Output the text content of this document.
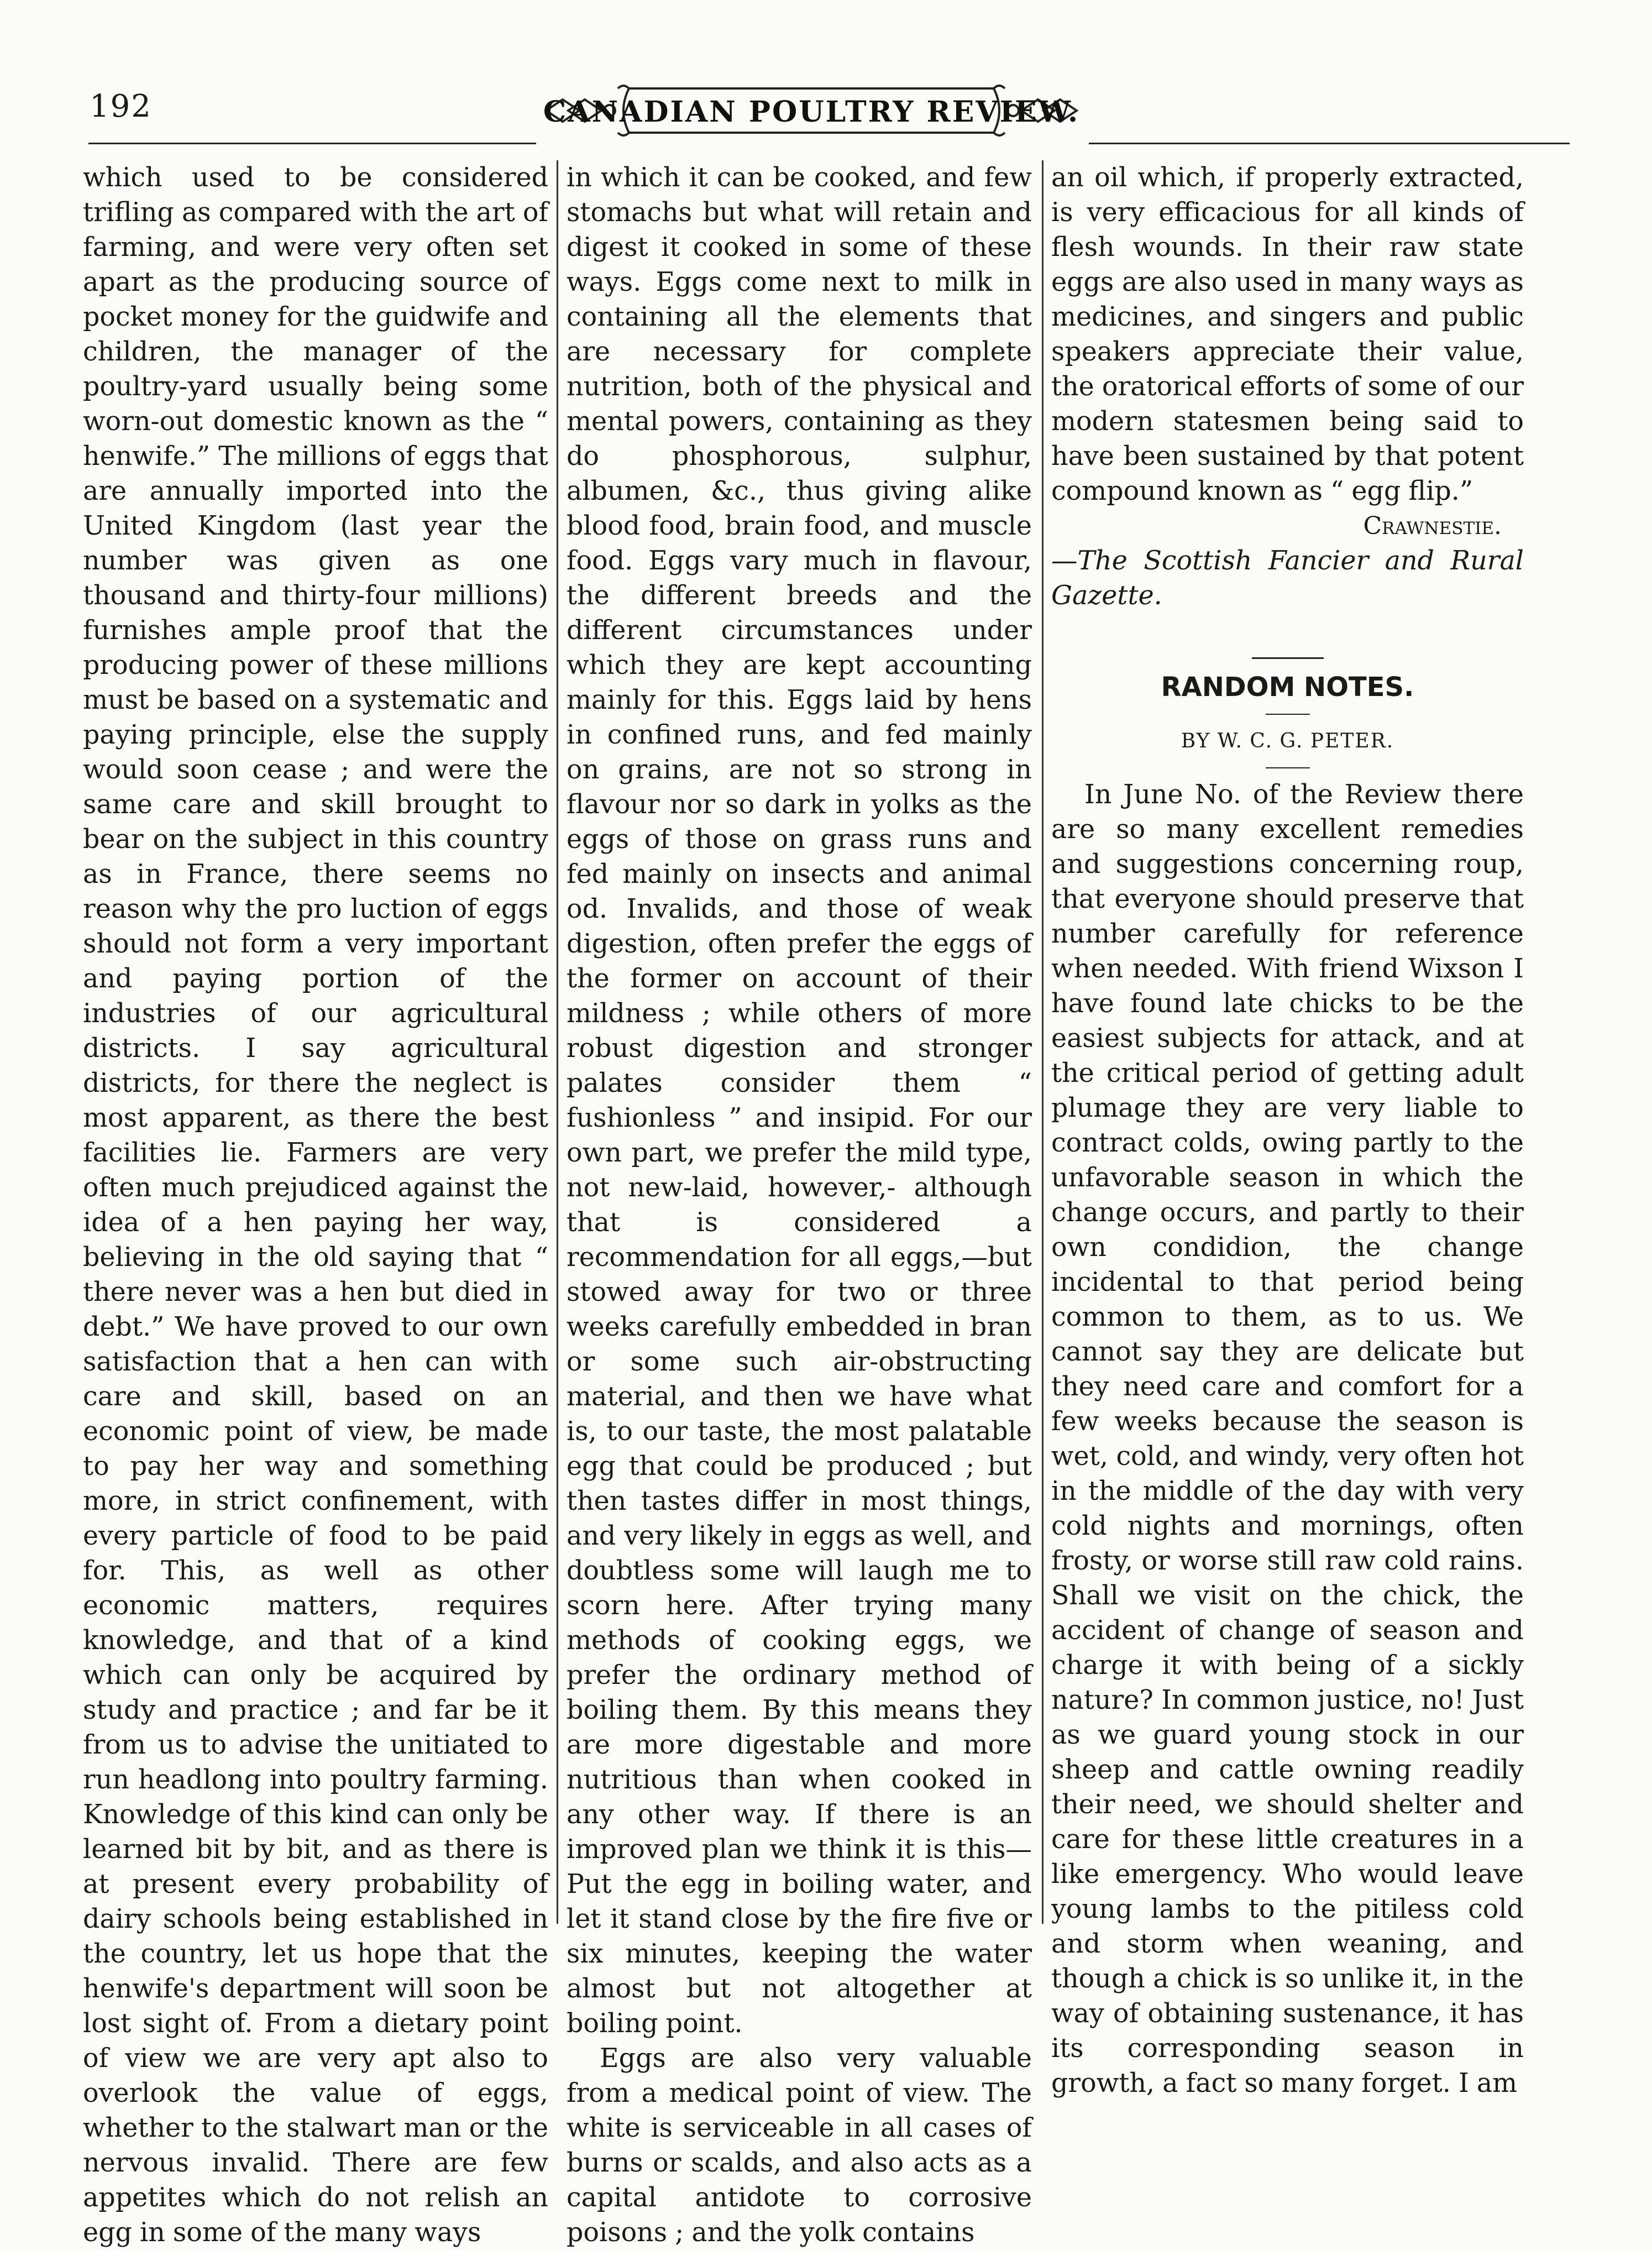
192	CANADIAN POULTRY REVIEW.

which used to be considered trifling as compared with the art of farming, and were very often set apart as the producing source of pocket money for the guidwife and children, the manager of the poultry-yard usually being some worn-out domestic known as the “ henwife.” The millions of eggs that are annually imported into the United Kingdom (last year the number was given as one thousand and thirty-four millions) furnishes ample proof that the producing power of these millions must be based on a systematic and paying principle, else the supply would soon cease ; and were the same care and skill brought to bear on the subject in this country as in France, there seems no reason why the pro luction of eggs should not form a very important and paying portion of the industries of our agricultural districts. I say agricultural districts, for there the neglect is most apparent, as there the best facilities lie. Farmers are very often much prejudiced against the idea of a hen paying her way, believing in the old saying that “ there never was a hen but died in debt.” We have proved to our own satisfaction that a hen can with care and skill, based on an economic point of view, be made to pay her way and something more, in strict confinement, with every particle of food to be paid for. This, as well as other economic matters, requires knowledge, and that of a kind which can only be acquired by study and practice ; and far be it from us to advise the unitiated to run headlong into poultry farming. Knowledge of this kind can only be learned bit by bit, and as there is at present every probability of dairy schools being established in the country, let us hope that the henwife's department will soon be lost sight of. From a dietary point of view we are very apt also to overlook the value of eggs, whether to the stalwart man or the nervous invalid. There are few appetites which do not relish an egg in some of the many ways

in which it can be cooked, and few stomachs but what will retain and digest it cooked in some of these ways. Eggs come next to milk in containing all the elements that are necessary for complete nutrition, both of the physical and mental powers, containing as they do phosphorous, sulphur, albumen, &c., thus giving alike blood food, brain food, and muscle food. Eggs vary much in flavour, the different breeds and the different circumstances under which they are kept accounting mainly for this. Eggs laid by hens in confined runs, and fed mainly on grains, are not so strong in flavour nor so dark in yolks as the eggs of those on grass runs and fed mainly on insects and animal od. Invalids, and those of weak digestion, often prefer the eggs of the former on account of their mildness ; while others of more robust digestion and stronger palates consider them “ fushionless ” and insipid. For our own part, we prefer the mild type, not new-laid, however,- although that is considered a recommendation for all eggs,—but stowed away for two or three weeks carefully embedded in bran or some such air-obstructing material, and then we have what is, to our taste, the most palatable egg that could be produced ; but then tastes differ in most things, and very likely in eggs as well, and doubtless some will laugh me to scorn here. After trying many methods of cooking eggs, we prefer the ordinary method of boiling them. By this means they are more digestable and more nutritious than when cooked in any other way. If there is an improved plan we think it is this—Put the egg in boiling water, and let it stand close by the fire five or six minutes, keeping the water almost but not altogether at boiling point.

Eggs are also very valuable from a medical point of view. The white is serviceable in all cases of burns or scalds, and also acts as a capital antidote to corrosive poisons ; and the yolk contains

an oil which, if properly extracted, is very efficacious for all kinds of flesh wounds. In their raw state eggs are also used in many ways as medicines, and singers and public speakers appreciate their value, the oratorical efforts of some of our modern statesmen being said to have been sustained by that potent compound known as “ egg flip.”

Crawnestie.

—The Scottish Fancier and Rural Gazette.

RANDOM NOTES.

BY W. C. G. PETER.

In June No. of the Review there are so many excellent remedies and suggestions concerning roup, that everyone should preserve that number carefully for reference when needed. With friend Wixson I have found late chicks to be the easiest subjects for attack, and at the critical period of getting adult plumage they are very liable to contract colds, owing partly to the unfavorable season in which the change occurs, and partly to their own condidion, the change incidental to that period being common to them, as to us. We cannot say they are delicate but they need care and comfort for a few weeks because the season is wet, cold, and windy, very often hot in the middle of the day with very cold nights and mornings, often frosty, or worse still raw cold rains. Shall we visit on the chick, the accident of change of season and charge it with being of a sickly nature? In common justice, no! Just as we guard young stock in our sheep and cattle owning readily their need, we should shelter and care for these little creatures in a like emergency. Who would leave young lambs to the pitiless cold and storm when weaning, and though a chick is so unlike it, in the way of obtaining sustenance, it has its corresponding season in growth, a fact so many forget. I am
